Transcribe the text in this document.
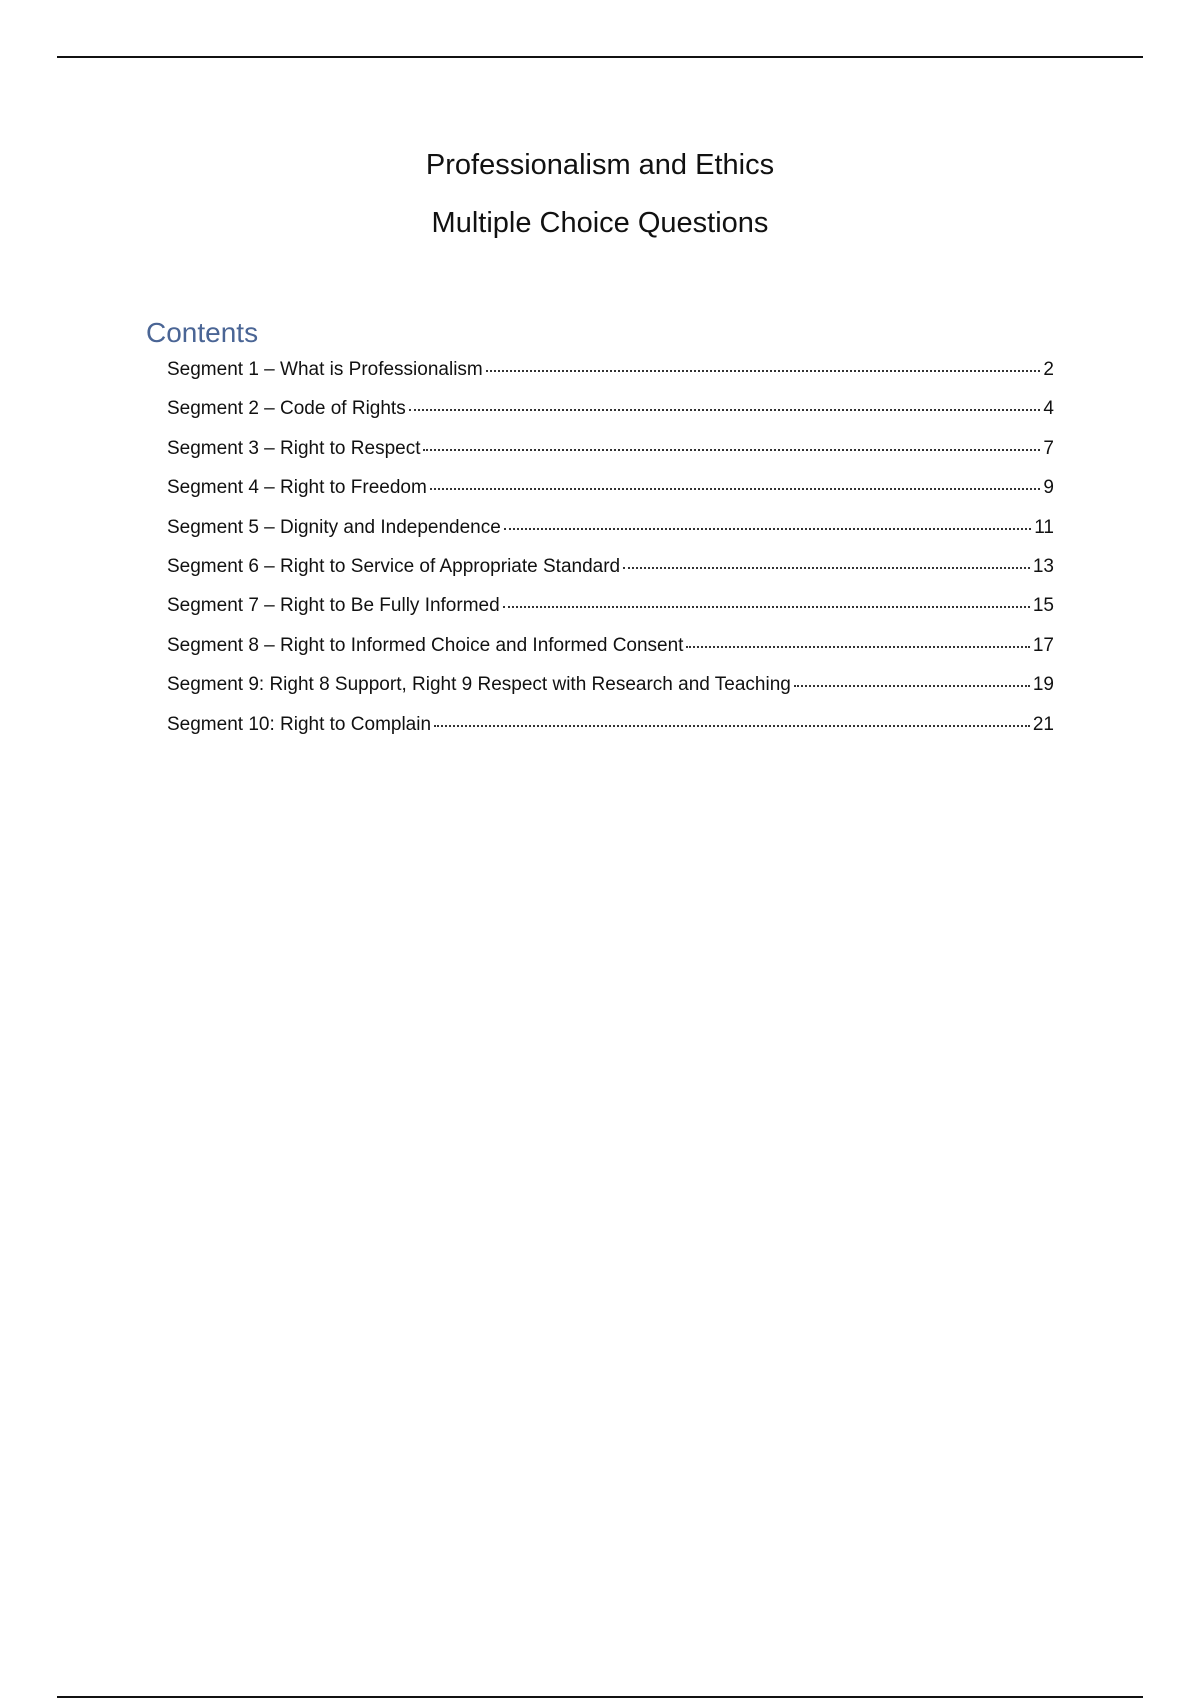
Professionalism and Ethics
Multiple Choice Questions
Contents
Segment 1 – What is Professionalism	2
Segment 2 – Code of Rights	4
Segment 3 – Right to Respect	7
Segment 4 – Right to Freedom	9
Segment 5 – Dignity and Independence	11
Segment 6 – Right to Service of Appropriate Standard	13
Segment 7 – Right to Be Fully Informed	15
Segment 8 – Right to Informed Choice and Informed Consent	17
Segment 9: Right 8 Support, Right 9 Respect with Research and Teaching	19
Segment 10: Right to Complain	21
